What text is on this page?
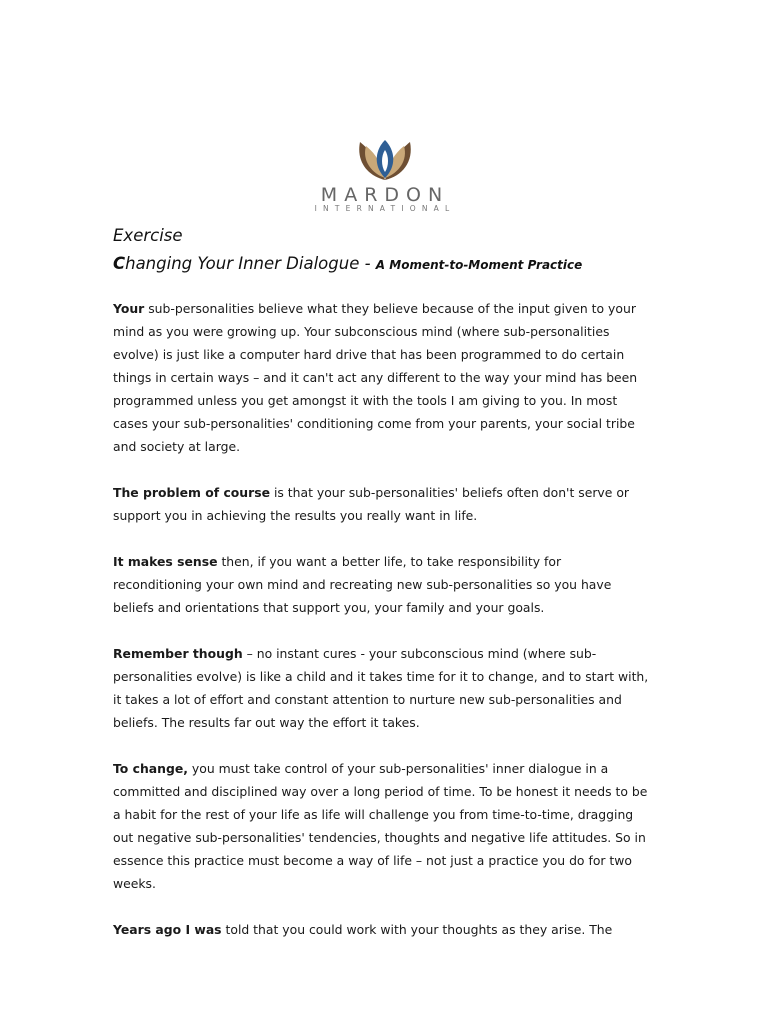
MARDON
INTERNATIONAL
Exercise
Changing Your Inner Dialogue - A Moment-to-Moment Practice

Your sub-personalities believe what they believe because of the input given to your mind as you were growing up. Your subconscious mind (where sub-personalities evolve) is just like a computer hard drive that has been programmed to do certain things in certain ways – and it can't act any different to the way your mind has been programmed unless you get amongst it with the tools I am giving to you. In most cases your sub-personalities' conditioning come from your parents, your social tribe and society at large.

The problem of course is that your sub-personalities' beliefs often don't serve or support you in achieving the results you really want in life.

It makes sense then, if you want a better life, to take responsibility for reconditioning your own mind and recreating new sub-personalities so you have beliefs and orientations that support you, your family and your goals.

Remember though – no instant cures - your subconscious mind (where sub-personalities evolve) is like a child and it takes time for it to change, and to start with, it takes a lot of effort and constant attention to nurture new sub-personalities and beliefs. The results far out way the effort it takes.

To change, you must take control of your sub-personalities' inner dialogue in a committed and disciplined way over a long period of time. To be honest it needs to be a habit for the rest of your life as life will challenge you from time-to-time, dragging out negative sub-personalities' tendencies, thoughts and negative life attitudes. So in essence this practice must become a way of life – not just a practice you do for two weeks.

Years ago I was told that you could work with your thoughts as they arise. The
